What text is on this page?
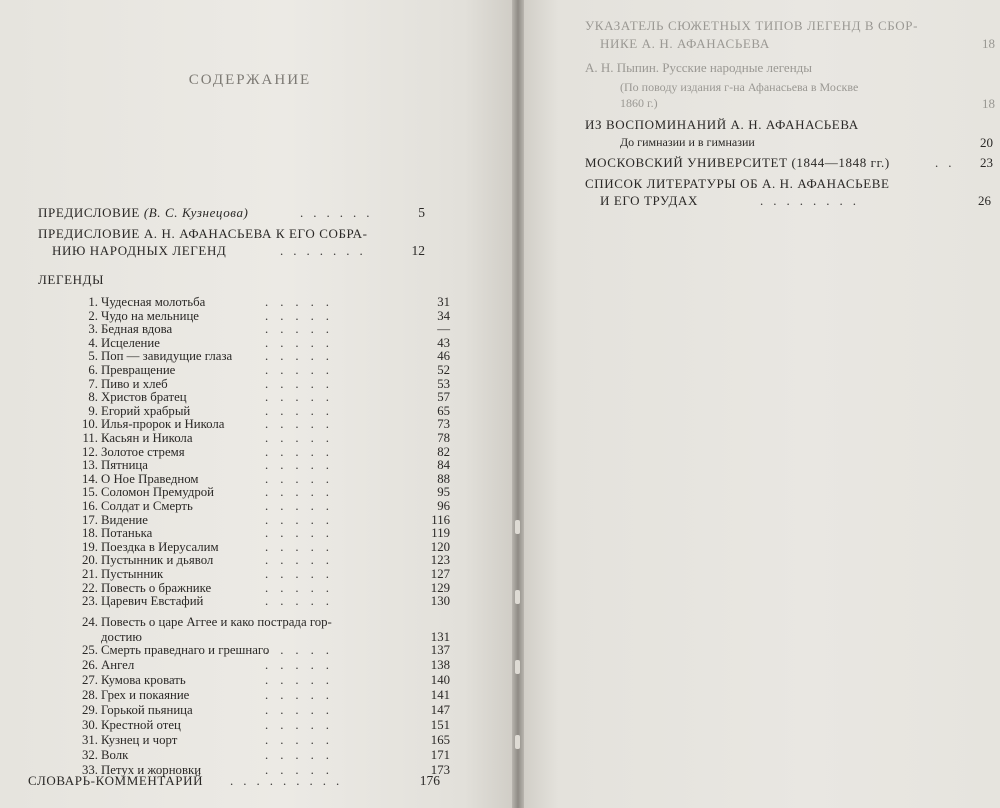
СОДЕРЖАНИЕ
ПРЕДИСЛОВИЕ (В. С. Кузнецова)	......	5
ПРЕДИСЛОВИЕ А. Н. АФАНАСЬЕВА К ЕГО СОБРА-
НИЮ НАРОДНЫХ ЛЕГЕНД	.......	12
ЛЕГЕНДЫ
1. Чудесная молотьба	.....	31
2. Чудо на мельнице	.....	34
3. Бедная вдова	.....	—
4. Исцеление	.....	43
5. Поп — завидущие глаза	.....	46
6. Превращение	.....	52
7. Пиво и хлеб	.....	53
8. Христов братец	.....	57
9. Егорий храбрый	.....	65
10. Илья-пророк и Никола	.....	73
11. Касьян и Никола	.....	78
12. Золотое стремя	.....	82
13. Пятница	.....	84
14. О Ное Праведном	.....	88
15. Соломон Премудрой	.....	95
16. Солдат и Смерть	.....	96
17. Видение	.....	116
18. Потанька	.....	119
19. Поездка в Иерусалим	.....	120
20. Пустынник и дьявол	.....	123
21. Пустынник	.....	127
22. Повесть о бражнике	.....	129
23. Царевич Евстафий	.....	130
24. Повесть о царе Аггее и како пострада гор-
достию	131
25. Смерть праведнаго и грешнаго
.....	137
26. Ангел	.....	138
27. Кумова кровать	.....	140
28. Грех и покаяние	.....	141
29. Горькой пьяница	.....	147
30. Крестной отец	.....	151
31. Кузнец и чорт	.....	165
32. Волк	.....	171
33. Петух и жорновки	.....	173
СЛОВАРЬ-КОММЕНТАРИЙ .........	176
УКАЗАТЕЛЬ СЮЖЕТНЫХ ТИПОВ ЛЕГЕНД В СБОР-
НИКЕ А. Н. АФАНАСЬЕВА	18
А. Н. Пыпин. Русские народные легенды
(По поводу издания г-на Афанасьева в Москве
1860 г.)	18
ИЗ ВОСПОМИНАНИЙ А. Н. АФАНАСЬЕВА
До гимназии и в гимназии	20
МОСКОВСКИЙ УНИВЕРСИТЕТ (1844—1848 гг.)	.. 23
СПИСОК ЛИТЕРАТУРЫ ОБ А. Н. АФАНАСЬЕВЕ
И ЕГО ТРУДАХ	........	26
